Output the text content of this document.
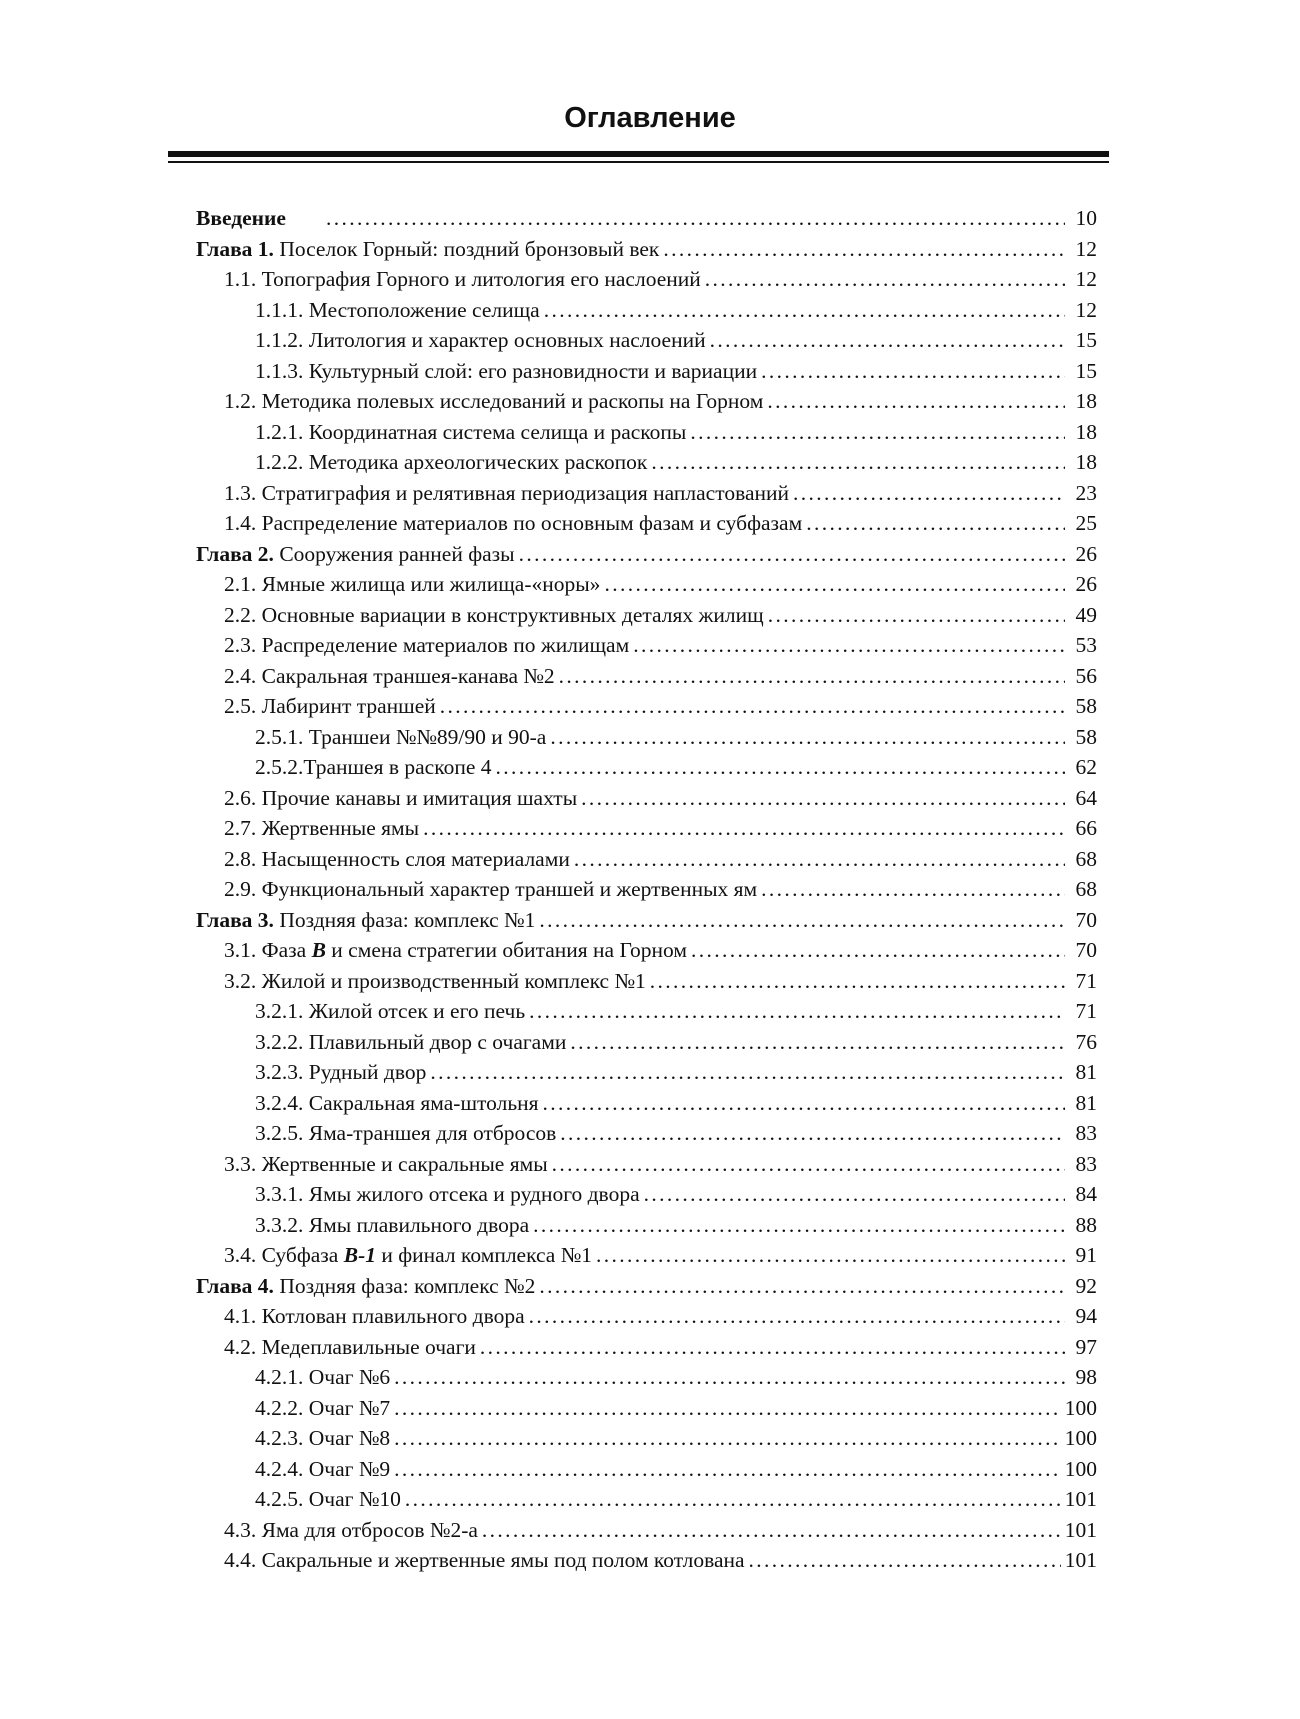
Оглавление
Введение . . .	10
Глава 1. Поселок Горный: поздний бронзовый век . . .	12
1.1. Топография Горного и литология его наслоений . . .	12
1.1.1. Местоположение селища . . .	12
1.1.2. Литология и характер основных наслоений . . .	15
1.1.3. Культурный слой: его разновидности и вариации . . .	15
1.2. Методика полевых исследований и раскопы на Горном . . .	18
1.2.1. Координатная система селища и раскопы . . .	18
1.2.2. Методика археологических раскопок . . .	18
1.3. Стратиграфия и релятивная периодизация напластований . . .	23
1.4. Распределение материалов по основным фазам и субфазам . . .	25
Глава 2. Сооружения ранней фазы . . .	26
2.1. Ямные жилища или жилища-«норы» . . .	26
2.2. Основные вариации в конструктивных деталях жилищ . . .	49
2.3. Распределение материалов по жилищам . . .	53
2.4. Сакральная траншея-канава №2 . . .	56
2.5. Лабиринт траншей . . .	58
2.5.1. Траншеи №№89/90 и 90-а . . .	58
2.5.2.Траншея в раскопе 4 . . .	62
2.6. Прочие канавы и имитация шахты . . .	64
2.7. Жертвенные ямы . . .	66
2.8. Насыщенность слоя материалами . . .	68
2.9. Функциональный характер траншей и жертвенных ям . . .	68
Глава 3. Поздняя фаза: комплекс №1 . . .	70
3.1. Фаза B и смена стратегии обитания на Горном . . .	70
3.2. Жилой и производственный комплекс №1 . . .	71
3.2.1. Жилой отсек и его печь . . .	71
3.2.2. Плавильный двор с очагами . . .	76
3.2.3. Рудный двор . . .	81
3.2.4. Сакральная яма-штольня . . .	81
3.2.5. Яма-траншея для отбросов . . .	83
3.3. Жертвенные и сакральные ямы . . .	83
3.3.1. Ямы жилого отсека и рудного двора . . .	84
3.3.2. Ямы плавильного двора . . .	88
3.4. Субфаза B-1 и финал комплекса №1 . . .	91
Глава 4. Поздняя фаза: комплекс №2 . . .	92
4.1. Котлован плавильного двора . . .	94
4.2. Медеплавильные очаги . . .	97
4.2.1. Очаг №6 . . .	98
4.2.2. Очаг №7 . . .	100
4.2.3. Очаг №8 . . .	100
4.2.4. Очаг №9 . . .	100
4.2.5. Очаг №10 . . .	101
4.3. Яма для отбросов №2-а . . .	101
4.4. Сакральные и жертвенные ямы под полом котлована . . .	101
